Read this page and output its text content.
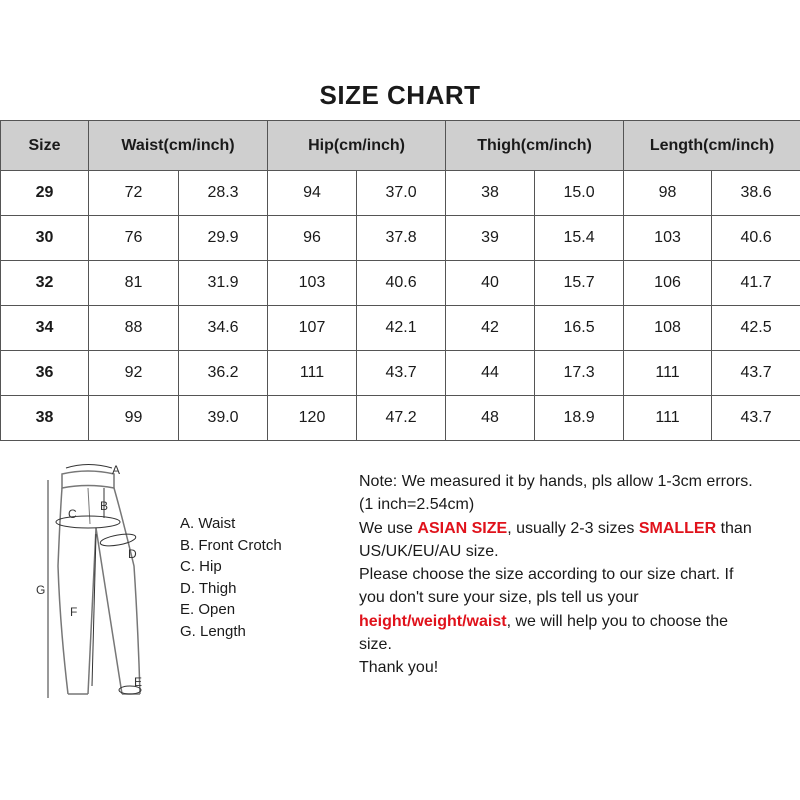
SIZE CHART
Size	Waist(cm/inch)		Hip(cm/inch)		Thigh(cm/inch)		Length(cm/inch)	
29	72	28.3	94	37.0	38	15.0	98	38.6
30	76	29.9	96	37.8	39	15.4	103	40.6
32	81	31.9	103	40.6	40	15.7	106	41.7
34	88	34.6	107	42.1	42	16.5	108	42.5
36	92	36.2	111	43.7	44	17.3	111	43.7
38	99	39.0	120	47.2	48	18.9	111	43.7
A
B
C
D
E
F
G
A. Waist
B. Front Crotch
C. Hip
D. Thigh
E. Open
G. Length
Note: We measured it by hands, pls allow 1-3cm errors.
(1 inch=2.54cm)
We use ASIAN SIZE, usually 2-3 sizes SMALLER than
US/UK/EU/AU size.
Please choose the size according to our size chart. If
you don't sure your size, pls tell us your
height/weight/waist, we will help you to choose the
size.
Thank you!
